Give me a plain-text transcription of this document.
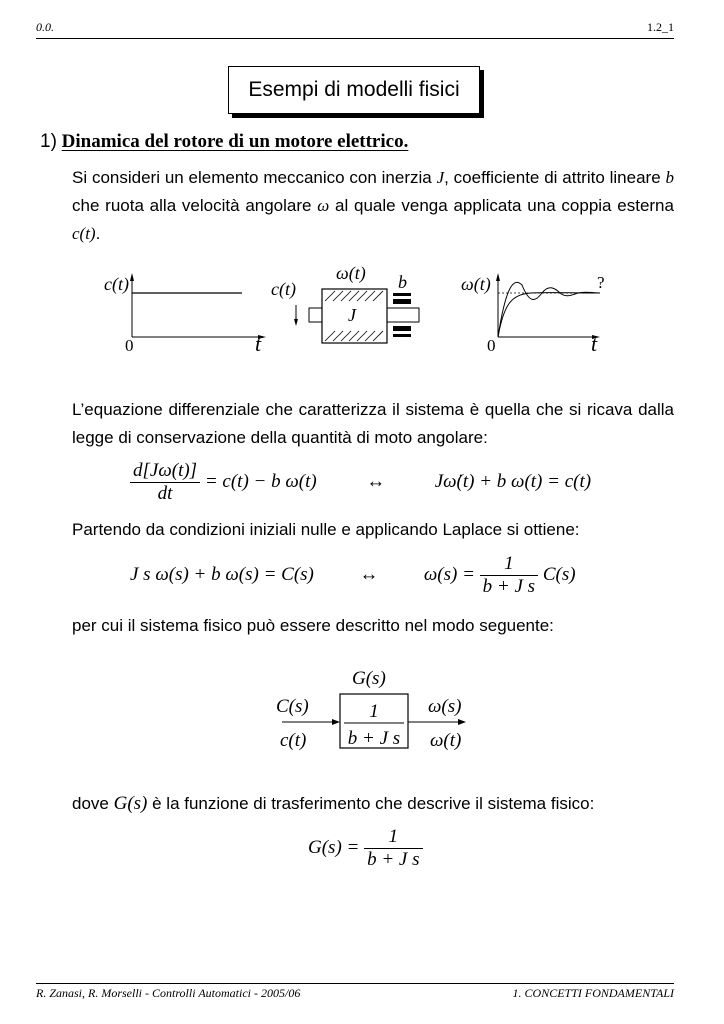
0.0.	1.2_1
Esempi di modelli fisici
1) Dinamica del rotore di un motore elettrico.
Si consideri un elemento meccanico con inerzia J, coefficiente di attrito lineare b che ruota alla velocità angolare ω al quale venga applicata una coppia esterna c(t).
c(t)
0	t
c(t)
ω(t) b
J
ω(t)
0	t
?
L’equazione differenziale che caratterizza il sistema è quella che si ricava dalla legge di conservazione della quantità di moto angolare:
$\frac{d[J\omega(t)]}{dt} = c(t) - b$ ω(t)	↔	Jω̇(t) + b ω(t) = c(t)
Partendo da condizioni iniziali nulle e applicando Laplace si ottiene:
J s ω(s) + b ω(s) = C(s) ↔ $\omega(s) = \frac{1}{\text{b + J s}} C(s)$
per cui il sistema fisico può essere descritto nel modo seguente:
G(s)
C(s)
c(t)
1
b + J s
ω(s)
ω(t)
dove G(s) è la funzione di trasferimento che descrive il sistema fisico:
$G(s) = \frac{1}{\text{b + J s}}$
R. Zanasi, R. Morselli - Controlli Automatici - 2005/06	1. CONCETTI FONDAMENTALI
